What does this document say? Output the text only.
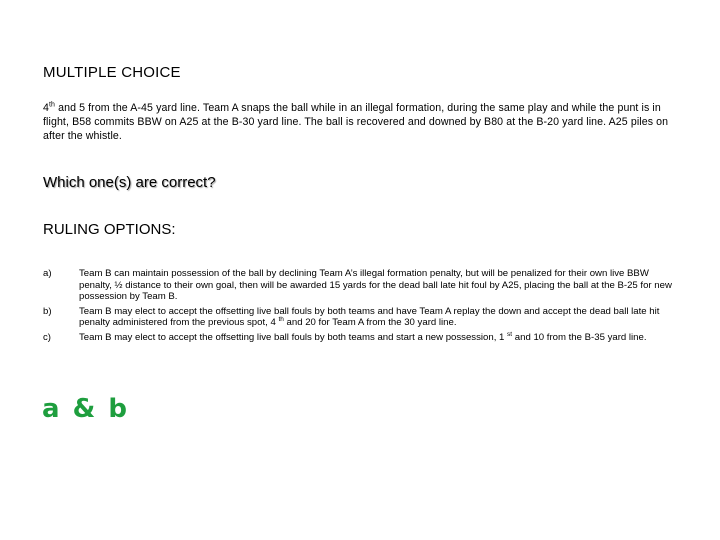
MULTIPLE CHOICE
4th and 5 from the A-45 yard line. Team A snaps the ball while in an illegal formation, during the same play and while the punt is in flight, B58 commits BBW on A25 at the B-30 yard line. The ball is recovered and downed by B80 at the B-20 yard line. A25 piles on after the whistle.
Which one(s) are correct?
RULING OPTIONS:
a)	Team B can maintain possession of the ball by declining Team A’s illegal formation penalty, but will be penalized for their own live BBW penalty, ½ distance to their own goal, then will be awarded 15 yards for the dead ball late hit foul by A25, placing the ball at the B-25 for new possession by Team B.
b)	Team B may elect to accept the offsetting live ball fouls by both teams and have Team A replay the down and accept the dead ball late hit penalty administered from the previous spot, 4 $^{th}$ and 20 for Team A from the 30 yard line.
c)	Team B may elect to accept the offsetting live ball fouls by both teams and start a new possession, 1 $^{st}$ and 10 from the B-35 yard line.
a & b
